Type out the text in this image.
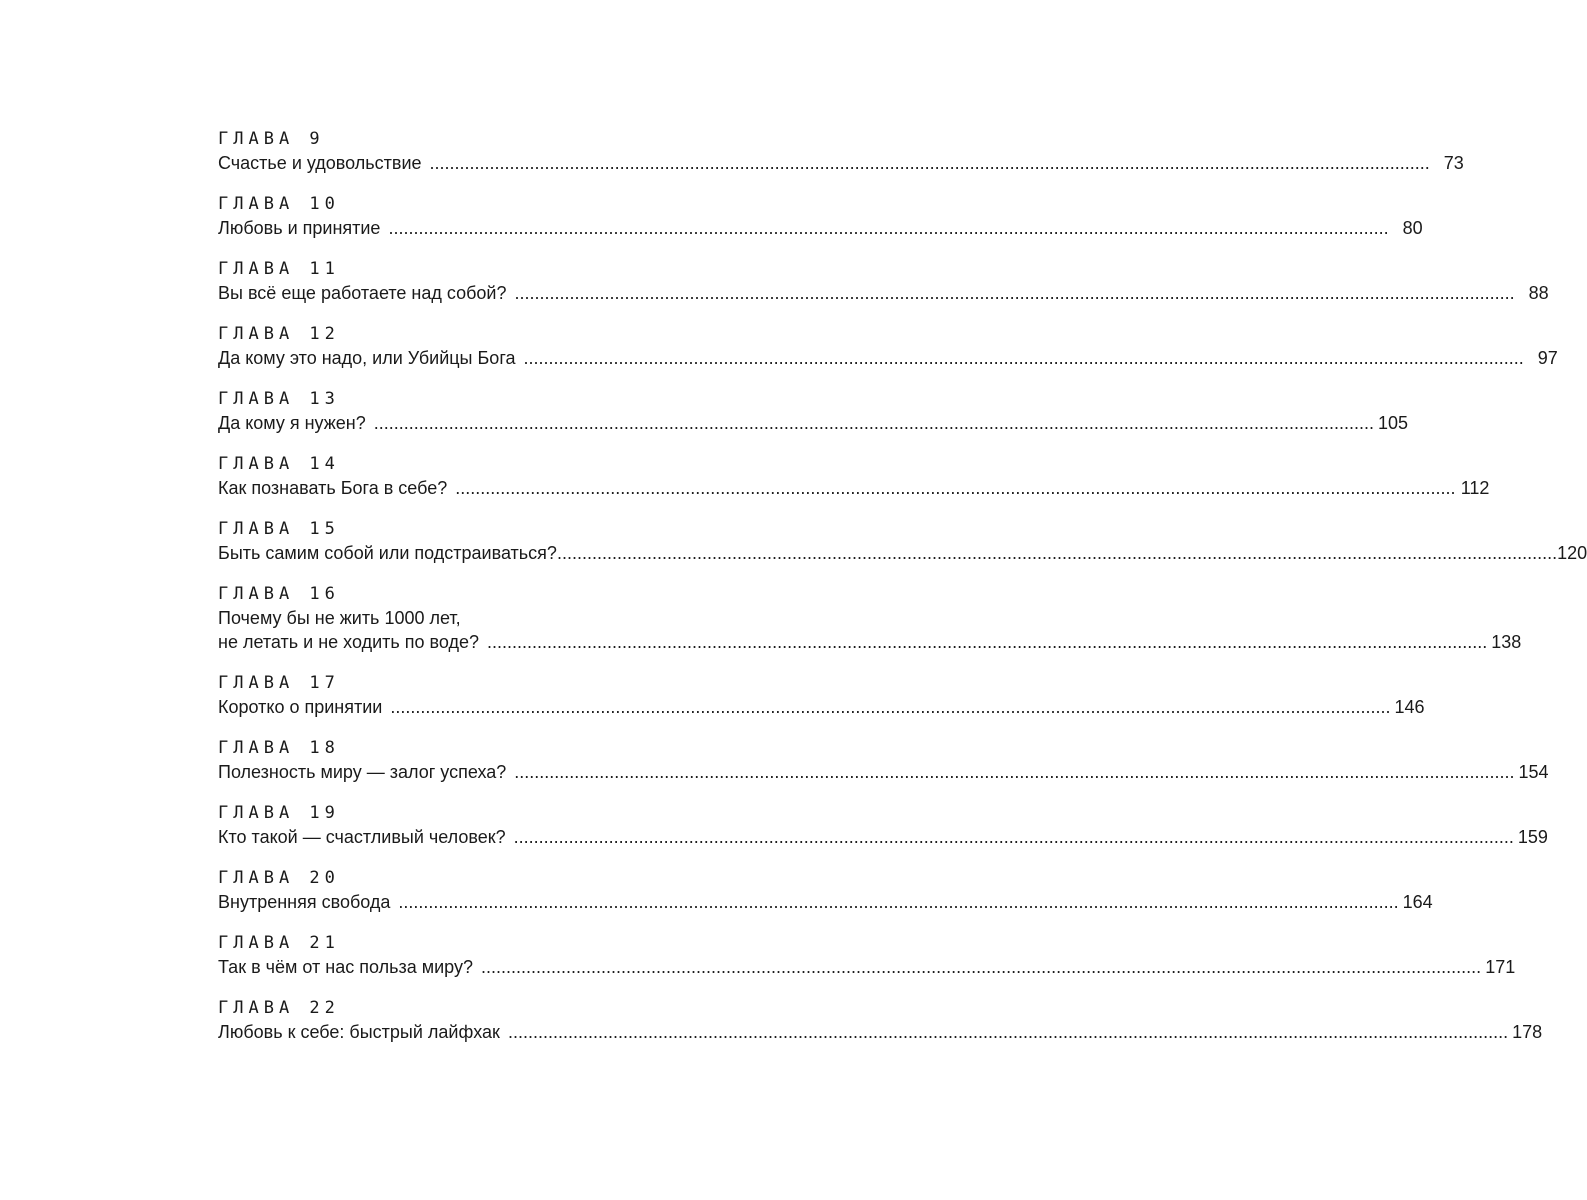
ГЛАВА 9
Счастье и удовольствие ........................................................................................................................................................................................................ 73
ГЛАВА 10
Любовь и принятие ........................................................................................................................................................................................................ 80
ГЛАВА 11
Вы всё еще работаете над собой? ........................................................................................................................................................................................................ 88
ГЛАВА 12
Да кому это надо, или Убийцы Бога ........................................................................................................................................................................................................ 97
ГЛАВА 13
Да кому я нужен? ........................................................................................................................................................................................................ 105
ГЛАВА 14
Как познавать Бога в себе? ........................................................................................................................................................................................................ 112
ГЛАВА 15
Быть самим собой или подстраиваться? ........................................................................................................................................................................................................ 120
ГЛАВА 16
Почему бы не жить 1000 лет,
не летать и не ходить по воде? ........................................................................................................................................................................................................ 138
ГЛАВА 17
Коротко о принятии ........................................................................................................................................................................................................ 146
ГЛАВА 18
Полезность миру — залог успеха? ........................................................................................................................................................................................................ 154
ГЛАВА 19
Кто такой — счастливый человек? ........................................................................................................................................................................................................ 159
ГЛАВА 20
Внутренняя свобода ........................................................................................................................................................................................................ 164
ГЛАВА 21
Так в чём от нас польза миру? ........................................................................................................................................................................................................ 171
ГЛАВА 22
Любовь к себе: быстрый лайфхак ........................................................................................................................................................................................................ 178
